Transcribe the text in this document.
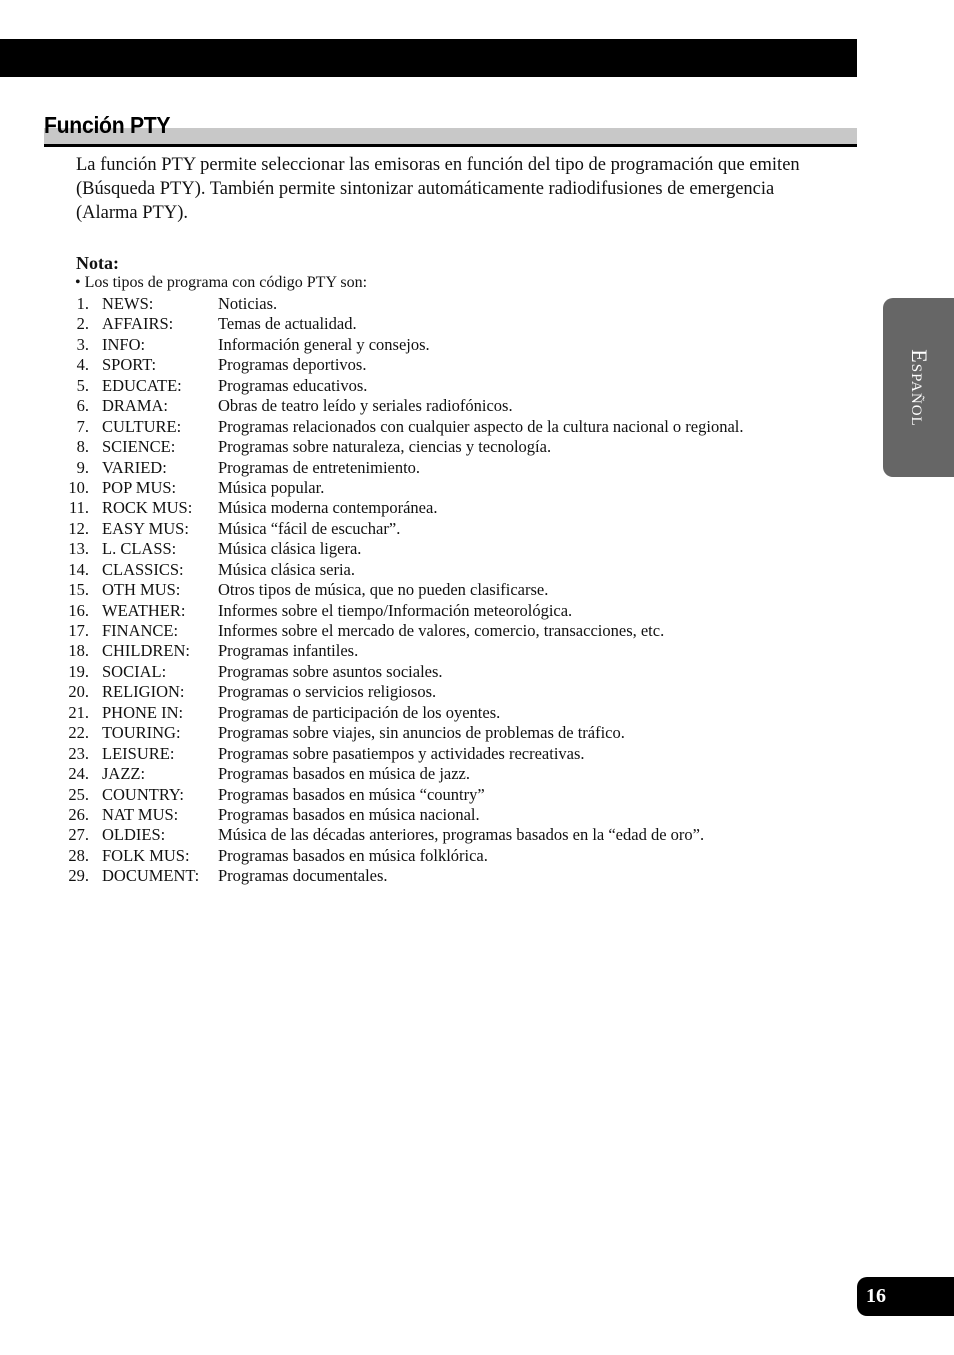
Función PTY

La función PTY permite seleccionar las emisoras en función del tipo de programación que emiten (Búsqueda PTY). También permite sintonizar automáticamente radiodifusiones de emergencia (Alarma PTY).

Nota:

• Los tipos de programa con código PTY son:

1. NEWS:	Noticias.
2. AFFAIRS:	Temas de actualidad.
3. INFO:	Información general y consejos.
4. SPORT:	Programas deportivos.
5. EDUCATE: Programas educativos.
6. DRAMA:	Obras de teatro leído y seriales radiofónicos.
7. CULTURE: Programas relacionados con cualquier aspecto de la cultura nacional o regional.
8. SCIENCE:	Programas sobre naturaleza, ciencias y tecnología.
9. VARIED:	Programas de entretenimiento.
10. POP MUS:	Música popular.
11. ROCK MUS: Música moderna contemporánea.
12. EASY MUS: Música “fácil de escuchar”.
13. L. CLASS:	Música clásica ligera.
14. CLASSICS: Música clásica seria.
15. OTH MUS: Otros tipos de música, que no pueden clasificarse.
16. WEATHER: Informes sobre el tiempo/Información meteorológica.
17. FINANCE: Informes sobre el mercado de valores, comercio, transacciones, etc.
18. CHILDREN: Programas infantiles.
19. SOCIAL:	Programas sobre asuntos sociales.
20. RELIGION: Programas o servicios religiosos.
21. PHONE IN: Programas de participación de los oyentes.
22. TOURING: Programas sobre viajes, sin anuncios de problemas de tráfico.
23. LEISURE:	Programas sobre pasatiempos y actividades recreativas.
24. JAZZ:	Programas basados en música de jazz.
25. COUNTRY: Programas basados en música “country”
26. NAT MUS: Programas basados en música nacional.
27. OLDIES:	Música de las décadas anteriores, programas basados en la “edad de oro”.
28. FOLK MUS: Programas basados en música folklórica.
29. DOCUMENT: Programas documentales.
Español
16
